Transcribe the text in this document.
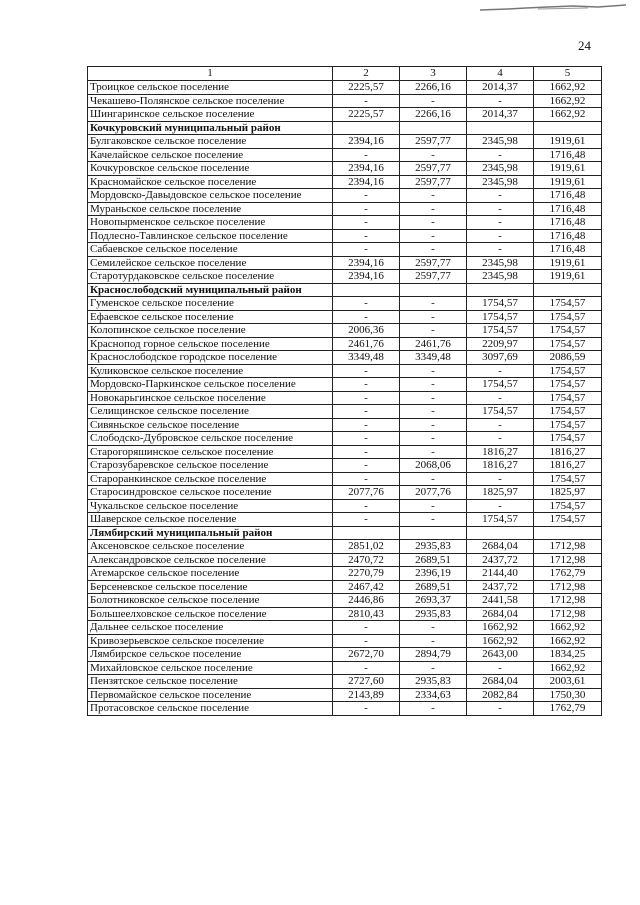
24
1	2	3	4	5
Троицкое сельское поселение	2225,57	2266,16	2014,37	1662,92
Чекашево-Полянское сельское поселение	-	-	-	1662,92
Шингаринское сельское поселение	2225,57	2266,16	2014,37	1662,92
Кочкуровский муниципальный район				
Булгаковское сельское поселение	2394,16	2597,77	2345,98	1919,61
Качелайское сельское поселение	-	-	-	1716,48
Кочкуровское сельское поселение	2394,16	2597,77	2345,98	1919,61
Красномайское сельское поселение	2394,16	2597,77	2345,98	1919,61
Мордовско-Давыдовское сельское поселение	-	-	-	1716,48
Мураньское сельское поселение	-	-	-	1716,48
Новопырменское сельское поселение	-	-	-	1716,48
Подлесно-Тавлинское сельское поселение	-	-	-	1716,48
Сабаевское сельское поселение	-	-	-	1716,48
Семилейское сельское поселение	2394,16	2597,77	2345,98	1919,61
Старотурдаковское сельское поселение	2394,16	2597,77	2345,98	1919,61
Краснослободский муниципальный район				
Гуменское сельское поселение	-	-	1754,57	1754,57
Ефаевское сельское поселение	-	-	1754,57	1754,57
Колопинское сельское поселение	2006,36	-	1754,57	1754,57
Краснопод горное сельское поселение	2461,76	2461,76	2209,97	1754,57
Краснослободское городское поселение	3349,48	3349,48	3097,69	2086,59
Куликовское сельское поселение	-	-	-	1754,57
Мордовско-Паркинское сельское поселение	-	-	1754,57	1754,57
Новокарьгинское сельское поселение	-	-	-	1754,57
Селищинское сельское поселение	-	-	1754,57	1754,57
Сивяньское сельское поселение	-	-	-	1754,57
Слободско-Дубровское сельское поселение	-	-	-	1754,57
Старогоряшинское сельское поселение	-	-	1816,27	1816,27
Старозубаревское сельское поселение	-	2068,06	1816,27	1816,27
Староранкинское сельское поселение	-	-	-	1754,57
Старосиндровское сельское поселение	2077,76	2077,76	1825,97	1825,97
Чукальское сельское поселение	-	-	-	1754,57
Шаверское сельское поселение	-	-	1754,57	1754,57
Лямбирский муниципальный район				
Аксеновское сельское поселение	2851,02	2935,83	2684,04	1712,98
Александровское сельское поселение	2470,72	2689,51	2437,72	1712,98
Атемарское сельское поселение	2270,79	2396,19	2144,40	1762,79
Берсеневское сельское поселение	2467,42	2689,51	2437,72	1712,98
Болотниковское сельское поселение	2446,86	2693,37	2441,58	1712,98
Большеелховское сельское поселение	2810,43	2935,83	2684,04	1712,98
Дальнее сельское поселение	-	-	1662,92	1662,92
Кривозерьевское сельское поселение	-	-	1662,92	1662,92
Лямбирское сельское поселение	2672,70	2894,79	2643,00	1834,25
Михайловское сельское поселение	-	-	-	1662,92
Пензятское сельское поселение	2727,60	2935,83	2684,04	2003,61
Первомайское сельское поселение	2143,89	2334,63	2082,84	1750,30
Протасовское сельское поселение	-	-	-	1762,79
